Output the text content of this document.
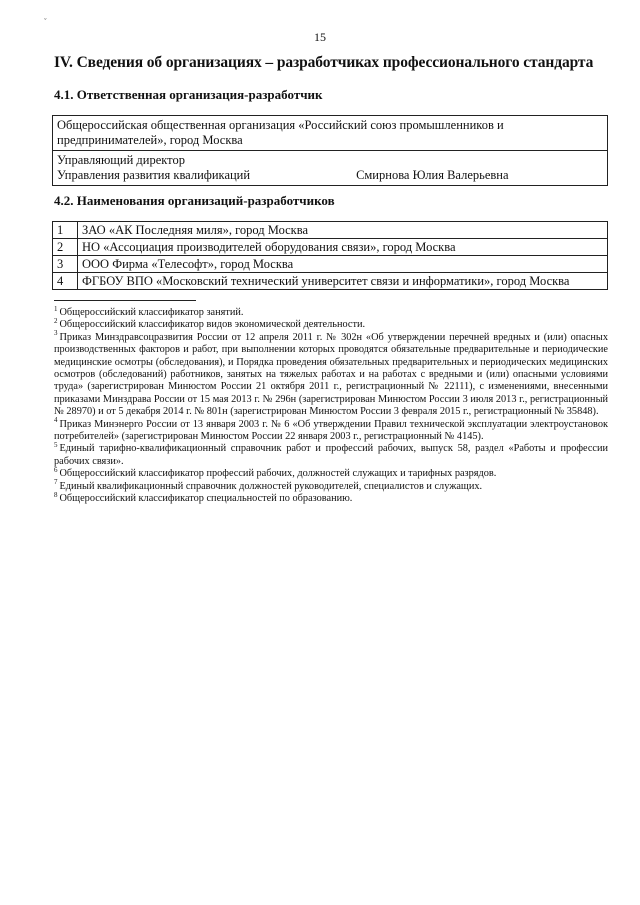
ˇ
15
IV. Сведения об организациях – разработчиках профессионального стандарта
4.1. Ответственная организация-разработчик
Общероссийская общественная организация «Российский союз промышленников и предпринимателей», город Москва
Управляющий директор
Управления развития квалификаций	Смирнова Юлия Валерьевна
4.2. Наименования организаций-разработчиков
1	ЗАО «АК Последняя миля», город Москва
2	НО «Ассоциация производителей оборудования связи», город Москва
3	ООО Фирма «Телесофт», город Москва
4	ФГБОУ ВПО «Московский технический университет связи и информатики», город Москва

$^1$ Общероссийский классификатор занятий.

$^2$ Общероссийский классификатор видов экономической деятельности.

$^3$ Приказ Минздравсоцразвития России от 12 апреля 2011 г. № 302н «Об утверждении перечней вредных и (или) опасных производственных факторов и работ, при выполнении которых проводятся обязательные предварительные и периодические медицинские осмотры (обследования), и Порядка проведения обязательных предварительных и периодических медицинских осмотров (обследований) работников, занятых на тяжелых работах и на работах с вредными и (или) опасными условиями труда» (зарегистрирован Минюстом России 21 октября 2011 г., регистрационный № 22111), с изменениями, внесенными приказами Минздрава России от 15 мая 2013 г. № 296н (зарегистрирован Минюстом России 3 июля 2013 г., регистрационный № 28970) и от 5 декабря 2014 г. № 801н (зарегистрирован Минюстом России 3 февраля 2015 г., регистрационный № 35848).

$^4$ Приказ Минэнерго России от 13 января 2003 г. № 6 «Об утверждении Правил технической эксплуатации электроустановок потребителей» (зарегистрирован Минюстом России 22 января 2003 г., регистрационный № 4145).

$^5$ Единый тарифно-квалификационный справочник работ и профессий рабочих, выпуск 58, раздел «Работы и профессии рабочих связи».

$^6$ Общероссийский классификатор профессий рабочих, должностей служащих и тарифных разрядов.

$^7$ Единый квалификационный справочник должностей руководителей, специалистов и служащих.

$^8$ Общероссийский классификатор специальностей по образованию.
